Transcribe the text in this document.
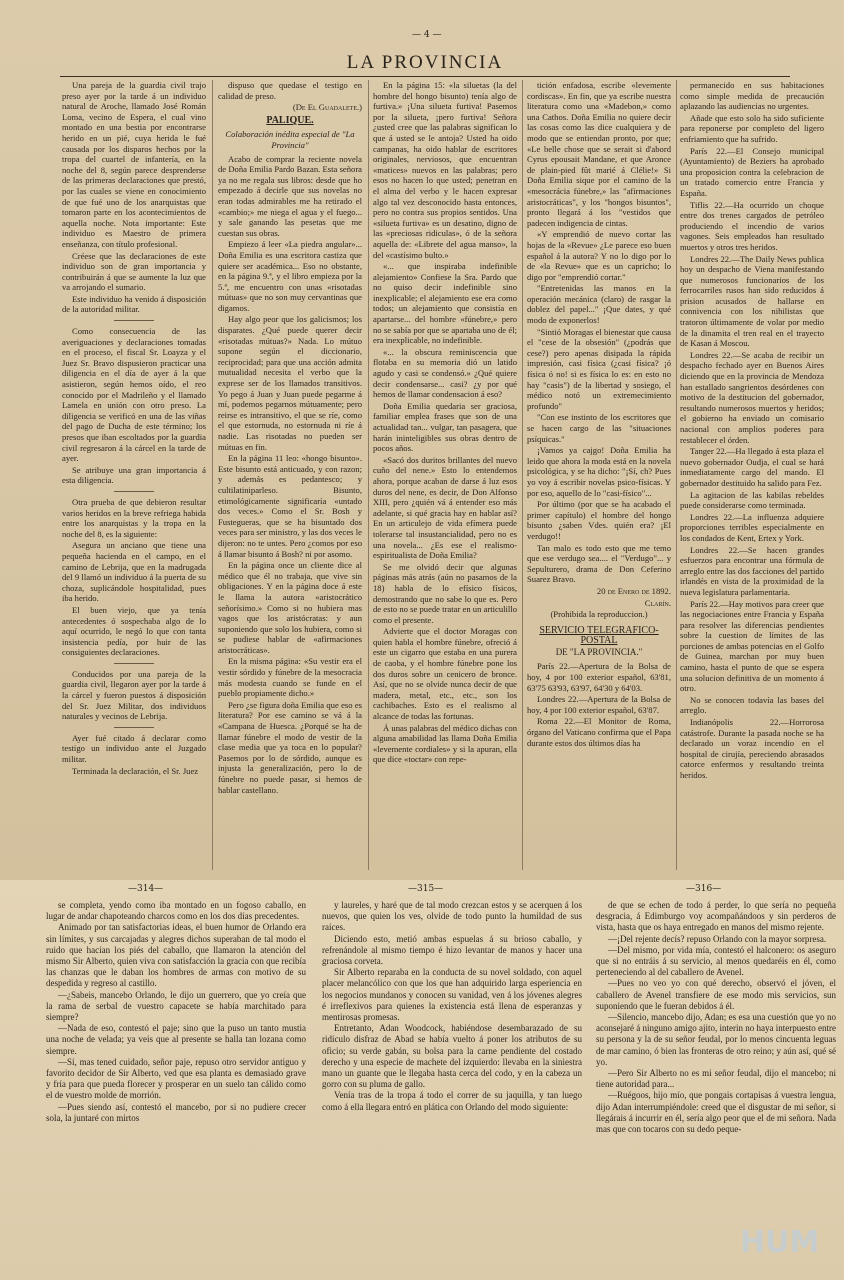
— 4 —
LA PROVINCIA

Una pareja de la guardia civil trajo preso ayer por la tarde á un individuo natural de Aroche, llamado José Román Loma, vecino de Espera, el cual vino montado en una bestia por encontrarse herido en un pié, cuya herida le fué causada por los disparos hechos por la tropa del cuartel de infantería, en la noche del 8, según parece desprenderse de las primeras declaraciones que prestó, por las cuales se viene en conocimiento de que fué uno de los anarquistas que tomaron parte en los acontecimientos de aquella noche. Nota importante: Este individuo es Maestro de primera enseñanza, con título profesional.

Créese que las declaraciones de este individuo son de gran importancia y contribuirán á que se aumente la luz que va arrojando el sumario.

Este individuo ha venido á disposición de la autoridad militar.

Como consecuencia de las averiguaciones y declaraciones tomadas en el proceso, el fiscal Sr. Loayza y el Juez Sr. Bravo dispusieron practicar una diligencia en el día de ayer á la que asistieron, según hemos oído, el reo conocido por el Madrileño y el llamado Lamela en unión con otro preso. La diligencia se verificó en una de las viñas del pago de Ducha de este término; los presos que iban escoltados por la guardia civil regresaron á la cárcel en la tarde de ayer.

Se atribuye una gran importancia á esta diligencia.

Otra prueba de que debieron resultar varios heridos en la breve refriega habida entre los anarquistas y la tropa en la noche del 8, es la siguiente:

Asegura un anciano que tiene una pequeña hacienda en el campo, en el camino de Lebrija, que en la madrugada del 9 llamó un individuo á la puerta de su choza, suplicándole hospitalidad, pues iba herido.

El buen viejo, que ya tenía antecedentes ó sospechaba algo de lo aquí ocurrido, le negó lo que con tanta insistencia pedía, por huir de las consiguientes declaraciones.

Conducidos por una pareja de la guardia civil, llegaron ayer por la tarde á la cárcel y fueron puestos á disposición del Sr. Juez Militar, dos individuos naturales y vecinos de Lebrija.

Ayer fué citado á declarar como testigo un individuo ante el Juzgado militar.

Terminada la declaración, el Sr. Juez

dispuso que quedase el testigo en calidad de preso.

(De El Guadalete.)

PALIQUE.
Colaboración inédita especial de "La Provincia"

Acabo de comprar la reciente novela de Doña Emilia Pardo Bazan. Esta señora ya no me regala sus libros: desde que ho empezado á decirle que sus novelas no eran todas admirables me ha retirado el «cambio;» me niega el agua y el fuego... y sale ganando las pesetas que me cuestan sus obras.

Empiezo á leer «La piedra angular»... Doña Emilia es una escritora castiza que quiere ser académica... Eso no obstante, en la página 9.ª, y el libro empieza por la 5.ª, me encuentro con unas «risotadas mútuas» que no son muy cervantinas que digamos.

Hay algo peor que los galicismos; los disparates. ¿Qué puede querer decir «risotadas mútuas?» Nada. Lo mútuo supone según el diccionario, reciprocidad; para que una acción admita mutualidad necesita el verbo que la exprese ser de los llamados transitivos. Yo pego á Juan y Juan puede pegarme á mí, podemos pegarnos mútuamente; pero reirse es intransitivo, el que se ríe, como el que estornuda, no estornuda ni ríe á nadie. Las risotadas no pueden ser mútuas en fin.

En la página 11 leo: «hongo bisunto». Este bisunto está anticuado, y con razon; y además es pedantesco; y cultilatiniparleso. Bisunto, etimológicamente significaría «untado dos veces.» Como el Sr. Bosh y Fustegueras, que se ha bisuntado dos veces para ser ministro, y las dos veces le dijeron: no te untes. Pero ¿comos por eso á llamar bisunto á Bosh? ni por asomo.

En la página once un cliente dice al médico que él no trabaja, que vive sin obligaciones. Y en la página doce á este le llama la autora «aristocrático señorísimo.» Como si no hubiera mas vagos que los aristócratas: y aun suponiendo que solo los hubiera, como si se pudiese hablar de «afirmaciones aristocráticas».

En la misma página: «Su vestir era el vestir sórdido y fúnebre de la mesocracia más modesta cuando se funde en el pueblo propiamente dicho.»

Pero ¿se figura doña Emilia que eso es literatura? Por ese camino se vá á la «Campana de Huesca. ¿Porqué se ha de llamar fúnebre el modo de vestir de la clase media que ya toca en lo popular? Pasemos por lo de sórdido, aunque es injusta la generalización, pero lo de fúnebre no puede pasar, si hemos de hablar castellano.

En la página 15: «la siluetas (la del hombre del hongo bisunto) tenía algo de furtiva.» ¡Una silueta furtiva! Pasemos por la silueta, ¡pero furtiva! Señora ¿usted cree que las palabras significan lo que á usted se le antoja? Usted ha oido campanas, ha oido hablar de escritores originales, nerviosos, que encuentran «matices» nuevos en las palabras; pero esos no hacen lo que usted; penetran en el alma del verbo y le hacen expresar algo tal vez desconocido hasta entonces, pero no contra sus propios sentidos. Una «silueta furtiva» es un desatino, digno de las «preciosas ridiculas», ó de la señora aquella de: «Librete del agua manso», la del «castísimo bulto.»

«... que inspiraba indefinible alejamiento» Confiese la Sra. Pardo que no quiso decir indefinible sino inexplicable; el alejamiento ese era como todos; un alejamiento que consistía en apartarse... del hombre «fúnebre,» pero no se sabía por que se apartaba uno de él; era inexplicable, no indefinible.

«... la obscura reminiscencia que flotaba en su memoria dió un latido agudo y casi se condensó.» ¿Qué quiere decir condensarse... casi? ¿y por qué hemos de llamar condensacion á eso?

Doña Emilia quedaria ser graciosa, familiar emplea frases que son de una actualidad tan... vulgar, tan pasagera, que harán ininteligibles sus obras dentro de pocos años.

«Sacó dos duritos brillantes del nuevo cuño del nene.» Esto lo entendemos ahora, porque acaban de darse á luz esos duros del nene, es decir, de Don Alfonso XIII, pero ¿quién vá á entender eso más adelante, si qué gracia hay en hablar así? En un articulejo de vida efímera puede tolerarse tal insustancialidad, pero no es una novela... ¿Es ese el realismo-espiritualista de Doña Emilia?

Se me olvidó decir que algunas páginas más atrás (aún no pasamos de la 18) habla de lo efísico físicos, demostrando que no sabe lo que es. Pero de esto no se puede tratar en un articulillo como el presente.

Advierte que el doctor Moragas con quien habla el hombre fúnebre, ofreció á este un cigarro que estaba en una purera de caoba, y el hombre fúnebre pone los dos duros sobre un cenicero de bronce. Así, que no se olvide nunca decir de que madera, metal, etc., etc., son los cachibaches. Esto es el realismo al alcance de todas las fortunas.

Á unas palabras del médico dichas con alguna amabilidad las llama Doña Emilia «levemente cordiales» y si la apuran, ella que dice «toctar» con repe-

tición enfadosa, escribe «levemente cordiscas». En fin, que ya escribe nuestra literatura como una «Madebon,» como una Cathos. Doña Emilia no quiere decir las cosas como las dice cualquiera y de modo que se entiendan pronto, por que; «Le belle chose que se serait si d'abord Cyrus epousait Mandane, et que Aronce de plain-pied fût marié á Clélie!» Si Doña Emilia sique por el camino de la «mesocrácia fúnebre,» las "afirmaciones aristocráticas", y los "hongos bisuntos", pronto llegará á los "vestidos que padecen indigencia de cintas.

«Y emprendió de nuevo cortar las hojas de la «Revue» ¿Le parece eso buen español á la autora? Y no lo digo por lo de «la Revue» que es un capricho; lo digo por "emprendió cortar."

"Entretenidas las manos en la operación mecánica (claro) de rasgar la doblez del papel..." ¡Que dates, y qué modo de exponerlos!

"Sintió Moragas el bienestar que causa el "cese de la obsesión" (¿podrás que cese?) pero apenas disipada la rápida impresión, casi física (¿casi física? ¡ó física ó no! si es física lo es: en esto no hay "casis") de la libertad y sosiego, el médico notó un extremecimiento profundo"

"Con ese instinto de los escritores que se hacen cargo de las "situaciones psíquicas."

¡Vamos ya cajgo! Doña Emilia ha leido que ahora la moda está en la novela psicológica, y se ha dicho: "¡Sí, ch? Pues yo voy á escribir novelas psico-físicas. Y por eso, aquello de lo "casi-físico"...

Por último (por que se ha acabado el primer capítulo) el hombre del hongo bisunto ¿saben Vdes. quién era? ¡El verdugo!!

Tan malo es todo esto que me temo que ese verdugo sea.... el "Verdugo"... y Sepulturero, drama de Don Ceferino Suarez Bravo.

20 de Enero de 1892.

Clarín.

(Prohibida la reproduccion.)

SERVICIO TELEGRAFICO-POSTAL

DE "LA PROVINCIA."

París 22.—Apertura de la Bolsa de hoy, 4 por 100 exterior español, 63'81, 63'75 63'93, 63'97, 64'30 y 64'03.

Londres 22.—Apertura de la Bolsa de hoy, 4 por 100 exterior español, 63'87.

Roma 22.—El Monitor de Roma, órgano del Vaticano confirma que el Papa durante estos dos últimos días ha

permanecido en sus habitaciones como simple medida de precaución aplazando las audiencias no urgentes.

Añade que esto solo ha sido suficiente para reponerse por completo del ligero enfriamiento que ha sufrido.

París 22.—El Consejo municipal (Ayuntamiento) de Beziers ha aprobado una proposicion contra la celebracion de un tratado comercio entre Francia y España.

Tiflis 22.—Ha ocurrido un choque entre dos trenes cargados de petróleo produciendo el incendio de varios vagones. Seis empleados han resultado muertos y otros tres heridos.

Londres 22.—The Daily News publica hoy un despacho de Viena manifestando que numerosos funcionarios de los ferrocarriles rusos han sido reducidos á prision acusados de hallarse en connivencia con los nihilistas que tratoron últimamente de volar por medio de la dinamita el tren real en el trayecto de Kasan á Moscou.

Londres 22.—Se acaba de recibir un despacho fechado ayer en Buenos Aires diciendo que en la provincia de Mendoza han estallado sangrientos desórdenes con motivo de la destitucion del gobernador, resultando numerosos muertos y heridos; el gobierno ha enviado un comisario nacional con amplios poderes para restablecer el órden.

Tanger 22.—Ha llegado á esta plaza el nuevo gobernador Oudja, el cual se hará inmediatamente cargo del mando. El gobernador destituido ha salido para Fez.

La agitacion de las kabilas rebeldes puede considerarse como terminada.

Londres 22.—La influenza adquiere proporciones terribles especialmente en los condados de Kent, Ertex y York.

Londres 22.—Se hacen grandes esfuerzos para encontrar una fórmula de arreglo entre las dos facciones del partido irlandés en vista de la proximidad de la nueva legislatura parlamentaria.

París 22.—Hay motivos para creer que las negociaciones entre Francia y España para resolver las diferencias pendientes sobre la cuestion de límites de las porciones de ambas potencias en el Golfo de Guinea, marchan por muy buen camino, hasta el punto de que se espera una solucion definitiva de un momento á otro.

No se conocen todavía las bases del arreglo.

Indianópolis 22.—Horrorosa catástrofe. Durante la pasada noche se ha declarado un voraz incendio en el hospital de cirujía, pereciendo abrasados catorce enfermos y resultando treinta heridos.

—314—	—315—	—316—

se completa, yendo como iba montado en un fogoso caballo, en lugar de andar chapoteando charcos como en los dos días precedentes.

Animado por tan satisfactorias ideas, el buen humor de Orlando era sin límites, y sus carcajadas y alegres dichos superaban de tal modo el ruido que hacían los piés del caballo, que llamaron la atención del mismo Sir Alberto, quien viva con satisfacción la gracia con que recibía las chanzas que le daban los hombres de armas con motivo de su despedida y regreso al castillo.

—¿Sabeis, mancebo Orlando, le dijo un guerrero, que yo creía que la rama de serbal de vuestro capacete se había marchitado para siempre?

—Nada de eso, contestó el paje; sino que la puso un tanto mustia una noche de velada; ya veis que al presente se halla tan lozana como siempre.

—Sí, mas tened cuidado, señor paje, repuso otro servidor antiguo y favorito decidor de Sir Alberto, ved que esa planta es demasiado grave y fría para que pueda florecer y prosperar en un suelo tan cálido como el de vuestro molde de morrión.

—Pues siendo así, contestó el mancebo, por si no pudiere crecer sola, la juntaré con mirtos

y laureles, y haré que de tal modo crezcan estos y se acerquen á los nuevos, que quien los ves, olvide de todo punto la humildad de sus raíces.

Diciendo esto, metió ambas espuelas á su brioso caballo, y refrenándole al mismo tiempo é hizo levantar de manos y hacer una graciosa corveta.

Sir Alberto reparaba en la conducta de su novel soldado, con aquel placer melancólico con que los que han adquirido larga esperiencia en los negocios mundanos y conocen su vanidad, ven á los jóvenes alegres é irreflexivos para quienes la existencia está llena de esperanzas y mentirosas promesas.

Entretanto, Adan Woodcock, habiéndose desembarazado de su ridículo disfraz de Abad se había vuelto á poner los atributos de su oficio; su verde gabán, su bolsa para la carne pendiente del costado derecho y una especie de machete del izquierdo: llevaba en la siniestra mano un guante que le llegaba hasta cerca del codo, y en la cabeza un gorro con su pluma de gallo.

Venía tras de la tropa á todo el correr de su jaquilla, y tan luego como á ella llegara entró en plática con Orlando del modo siguiente:

de que se echen de todo á perder, lo que sería no pequeña desgracia, á Edimburgo voy acompañándoos y sin perderos de vista, hasta que os haya entregado en manos del mismo rejente.

—¡Del rejente decís? repuso Orlando con la mayor sorpresa.

—Del mismo, por vida mía, contestó el halconero: os aseguro que si no entráis á su servicio, al menos quedaréis en él, como perteneciendo al del caballero de Avenel.

—Pues no veo yo con qué derecho, observó el jóven, el caballero de Avenel transfiere de ese modo mis servicios, sun suponiendo que le fueran debidos á él.

—Silencio, mancebo dijo, Adan; es esa una cuestión que yo no aconsejaré á ninguno amigo ajito, interin no haya interpuesto entre su persona y la de su señor feudal, por lo menos cincuenta leguas de mar camino, ó bien las fronteras de otro reino; y aún así, qué sé yo.

—Pero Sir Alberto no es mi señor feudal, dijo el mancebo; ni tiene autoridad para...

—Ruégoos, hijo mío, que pongais cortapisas á vuestra lengua, dijo Adan interrumpiéndole: creed que el disgustar de mi señor, si llegárais á incurrir en él, sería algo peor que el de mi señora. Nada mas que con tocaros con su dedo peque-

HUM
